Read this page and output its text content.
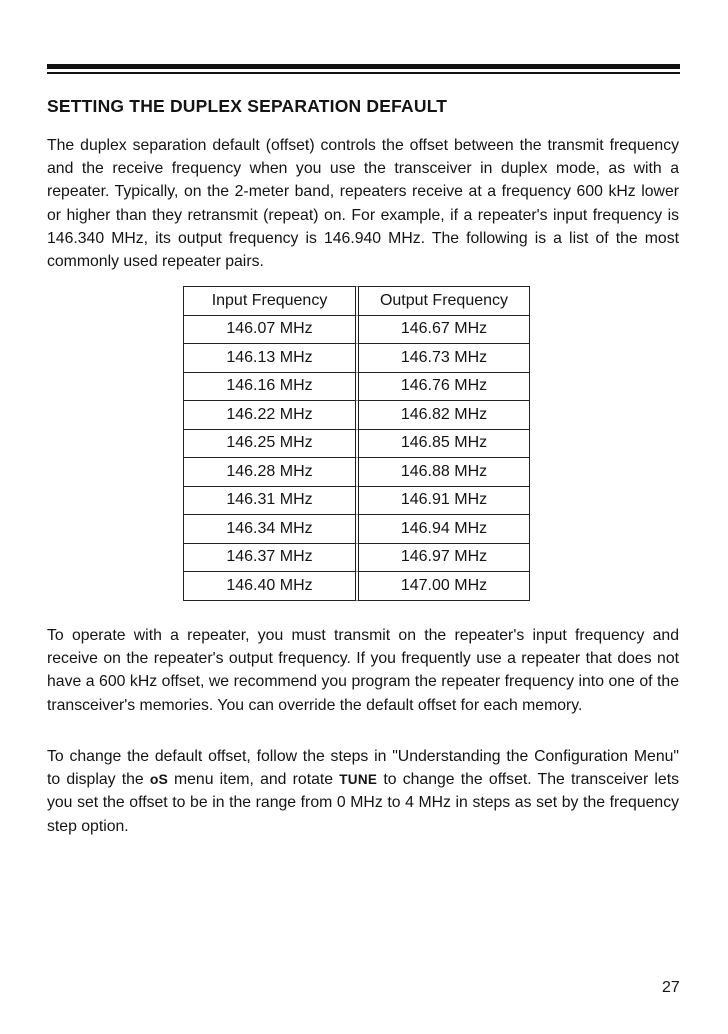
SETTING THE DUPLEX SEPARATION DEFAULT

The duplex separation default (offset) controls the offset between the transmit frequency and the receive frequency when you use the transceiver in duplex mode, as with a repeater. Typically, on the 2-meter band, repeaters receive at a frequency 600 kHz lower or higher than they retransmit (repeat) on. For example, if a repeater's input frequency is 146.340 MHz, its output frequency is 146.940 MHz. The following is a list of the most commonly used repeater pairs.

Input Frequency	Output Frequency
146.07 MHz	146.67 MHz
146.13 MHz	146.73 MHz
146.16 MHz	146.76 MHz
146.22 MHz	146.82 MHz
146.25 MHz	146.85 MHz
146.28 MHz	146.88 MHz
146.31 MHz	146.91 MHz
146.34 MHz	146.94 MHz
146.37 MHz	146.97 MHz
146.40 MHz	147.00 MHz

To operate with a repeater, you must transmit on the repeater's input frequency and receive on the repeater's output frequency. If you frequently use a repeater that does not have a 600 kHz offset, we recommend you program the repeater frequency into one of the transceiver's memories. You can override the default offset for each memory.

To change the default offset, follow the steps in "Understanding the Configuration Menu" to display the oS menu item, and rotate TUNE to change the offset. The transceiver lets you set the offset to be in the range from 0 MHz to 4 MHz in steps as set by the frequency step option.

27
